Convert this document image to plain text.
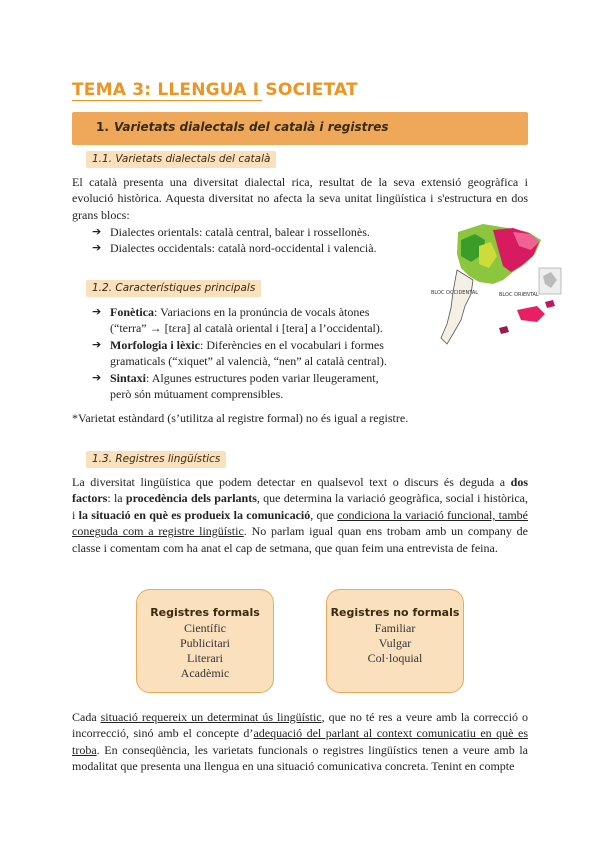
TEMA 3: LLENGUA I SOCIETAT
1. Varietats dialectals del català i registres
1.1. Varietats dialectals del català

El català presenta una diversitat dialectal rica, resultat de la seva extensió geogràfica i evolució històrica. Aquesta diversitat no afecta la seva unitat lingüística i s'estructura en dos grans blocs:

➔ Dialectes orientals: català central, balear i rossellonès.
➔ Dialectes occidentals: català nord-occidental i valencià.
BLOC OCCIDENTAL	BLOC ORIENTAL
1.2. Característiques principals
➔ Fonètica: Variacions en la pronúncia de vocals àtones
(“terra” → [tɛra] al català oriental i [tera] a l’occidental).
➔ Morfologia i lèxic: Diferències en el vocabulari i formes
gramaticals (“xiquet” al valencià, “nen” al català central).
➔ Sintaxi: Algunes estructures poden variar lleugerament,
però són mútuament comprensibles.
*Varietat estàndard (s’utilitza al registre formal) no és igual a registre.
1.3. Registres lingüístics

La diversitat lingüística que podem detectar en qualsevol text o discurs és deguda a dos factors: la procedència dels parlants, que determina la variació geogràfica, social i històrica, i la situació en què es produeix la comunicació, que condiciona la variació funcional, també coneguda com a registre lingüístic. No parlam igual quan ens trobam amb un company de classe i comentam com ha anat el cap de setmana, que quan feim una entrevista de feina.

Registres formals
Científic
Publicitari
Literari
Acadèmic
Registres no formals
Familiar
Vulgar
Col·loquial

Cada situació requereix un determinat ús lingüístic, que no té res a veure amb la correcció o incorrecció, sinó amb el concepte d’adequació del parlant al context comunicatiu en què es troba. En conseqüència, les varietats funcionals o registres lingüístics tenen a veure amb la modalitat que presenta una llengua en una situació comunicativa concreta. Tenint en compte
